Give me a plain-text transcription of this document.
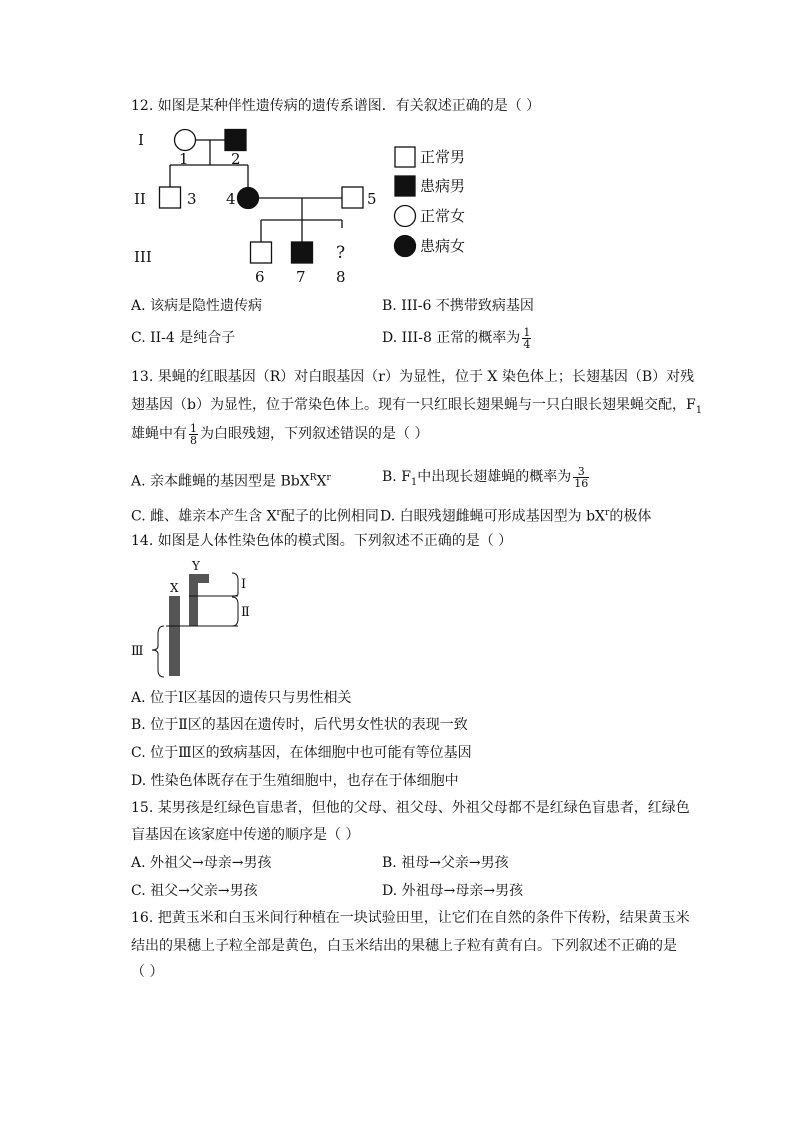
12. 如图是某种伴性遗传病的遗传系谱图．有关叙述正确的是（ ）
I
1	2
II	3 4	5
III
6 7
?
8
正常男
患病男
正常女
患病女
A. 该病是隐性遗传病	B. III-6 不携带致病基因
C. II-4 是纯合子	D. III-8 正常的概率为 $\frac{1}{4}$
13. 果蝇的红眼基因（R）对白眼基因（r）为显性，位于 X 染色体上；长翅基因（B）对残
翅基因（b）为显性，位于常染色体上。现有一只红眼长翅果蝇与一只白眼长翅果蝇交配，$F_1$
雄蝇中有 $\frac{1}{8}$ 为白眼残翅，下列叙述错误的是（ ）
A. 亲本雌蝇的基因型是 $BbX^RX^r$	B. $F_1$中出现长翅雄蝇的概率为 $\frac{3}{16}$
C. 雌、雄亲本产生含 $X^r$配子的比例相同 D. 白眼残翅雌蝇可形成基因型为 $bX^r$的极体
14. 如图是人体性染色体的模式图。下列叙述不正确的是（ ）
X
Y
I
Ⅱ
Ⅲ
A. 位于Ⅰ区基因的遗传只与男性相关
B. 位于Ⅱ区的基因在遗传时，后代男女性状的表现一致
C. 位于Ⅲ区的致病基因，在体细胞中也可能有等位基因
D. 性染色体既存在于生殖细胞中，也存在于体细胞中
15. 某男孩是红绿色盲患者，但他的父母、祖父母、外祖父母都不是红绿色盲患者，红绿色
盲基因在该家庭中传递的顺序是（ ）
A. 外祖父→母亲→男孩	B. 祖母→父亲→男孩
C. 祖父→父亲→男孩	D. 外祖母→母亲→男孩
16. 把黄玉米和白玉米间行种植在一块试验田里，让它们在自然的条件下传粉，结果黄玉米
结出的果穗上子粒全部是黄色，白玉米结出的果穗上子粒有黄有白。下列叙述不正确的是
（ ）
